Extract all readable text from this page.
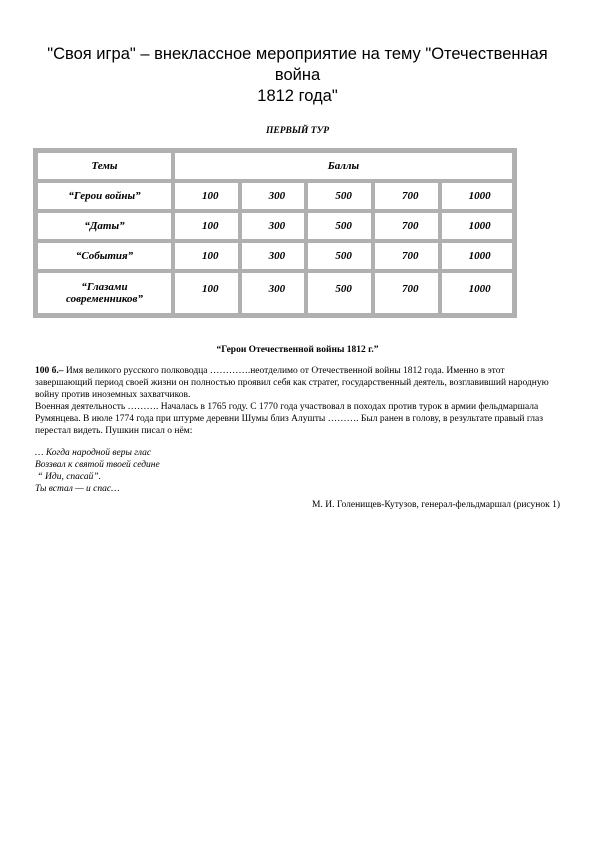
"Своя игра" – внеклассное мероприятие на тему "Отечественная война
1812 года"
ПЕРВЫЙ ТУР
Темы	Баллы				
“Герои войны”	100	300	500	700	1000
“Даты”	100	300	500	700	1000
“События”	100	300	500	700	1000

“Глазами
современников”	100	300	500	700	1000
“Герои Отечественной войны 1812 г.”

100 б.– Имя великого русского полководца ………….неотделимо от Отечественной войны 1812 года. Именно в этот завершающий период своей жизни он полностью проявил себя как стратег, государственный деятель, возглавивший народную войну против иноземных захватчиков.

Военная деятельность ………. Началась в 1765 году. С 1770 года участвовал в походах против турок в армии фельдмаршала Румянцева. В июле 1774 года при штурме деревни Шумы близ Алушты ………. Был ранен в голову, в результате правый глаз перестал видеть. Пушкин писал о нём:

… Когда народной веры глас
Воззвал к святой твоей седине
“ Иди, спасай”.
Ты встал — и спас…
М. И. Голенищев-Кутузов, генерал-фельдмаршал (рисунок 1)
